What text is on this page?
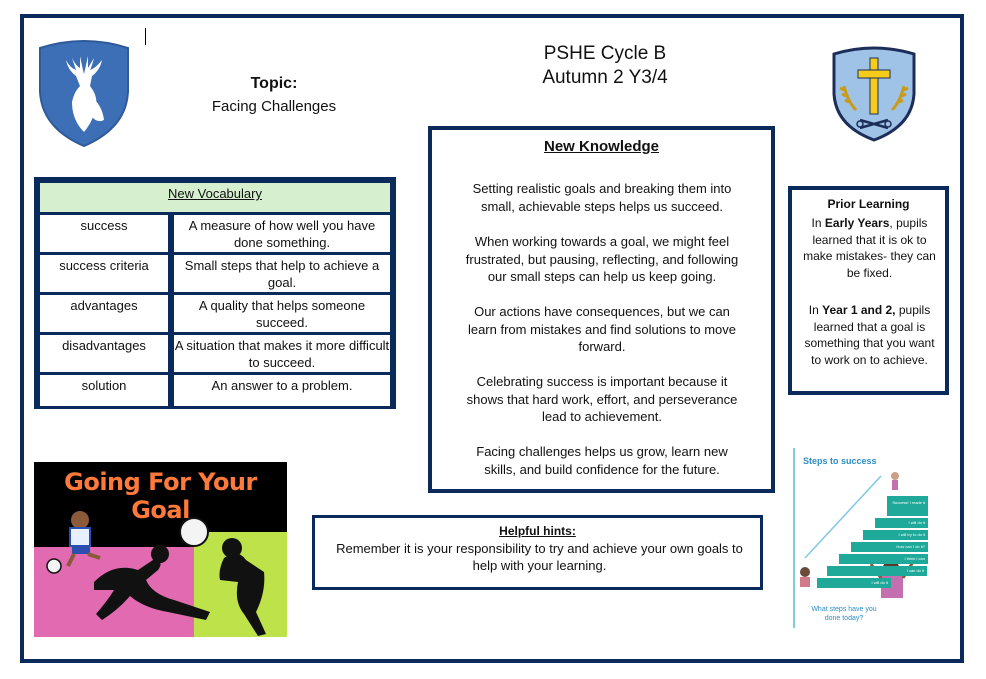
PSHE Cycle B
Autumn 2 Y3/4
Topic:
Facing Challenges
New Vocabulary
success	A measure of how well you have done something.
success criteria	Small steps that help to achieve a goal.
advantages	A quality that helps someone succeed.
disadvantages	A situation that makes it more difficult to succeed.
solution	An answer to a problem.
New Knowledge

Setting realistic goals and breaking them into small, achievable steps helps us succeed.

When working towards a goal, we might feel frustrated, but pausing, reflecting, and following our small steps can help us keep going.

Our actions have consequences, but we can learn from mistakes and find solutions to move forward.

Celebrating success is important because it shows that hard work, effort, and perseverance lead to achievement.

Facing challenges helps us grow, learn new skills, and build confidence for the future.

Prior Learning

In Early Years, pupils learned that it is ok to make mistakes- they can be fixed.

In Year 1 and 2, pupils learned that a goal is something that you want to work on to achieve.

Helpful hints:
Remember it is your responsibility to try and achieve your own goals to help with your learning.
Going For Your Goal
Steps to success
I will do it
I can do it
I think I can
How can I do it?
I will try to do it
I will do it
Success! I made it
What steps have you done today?
